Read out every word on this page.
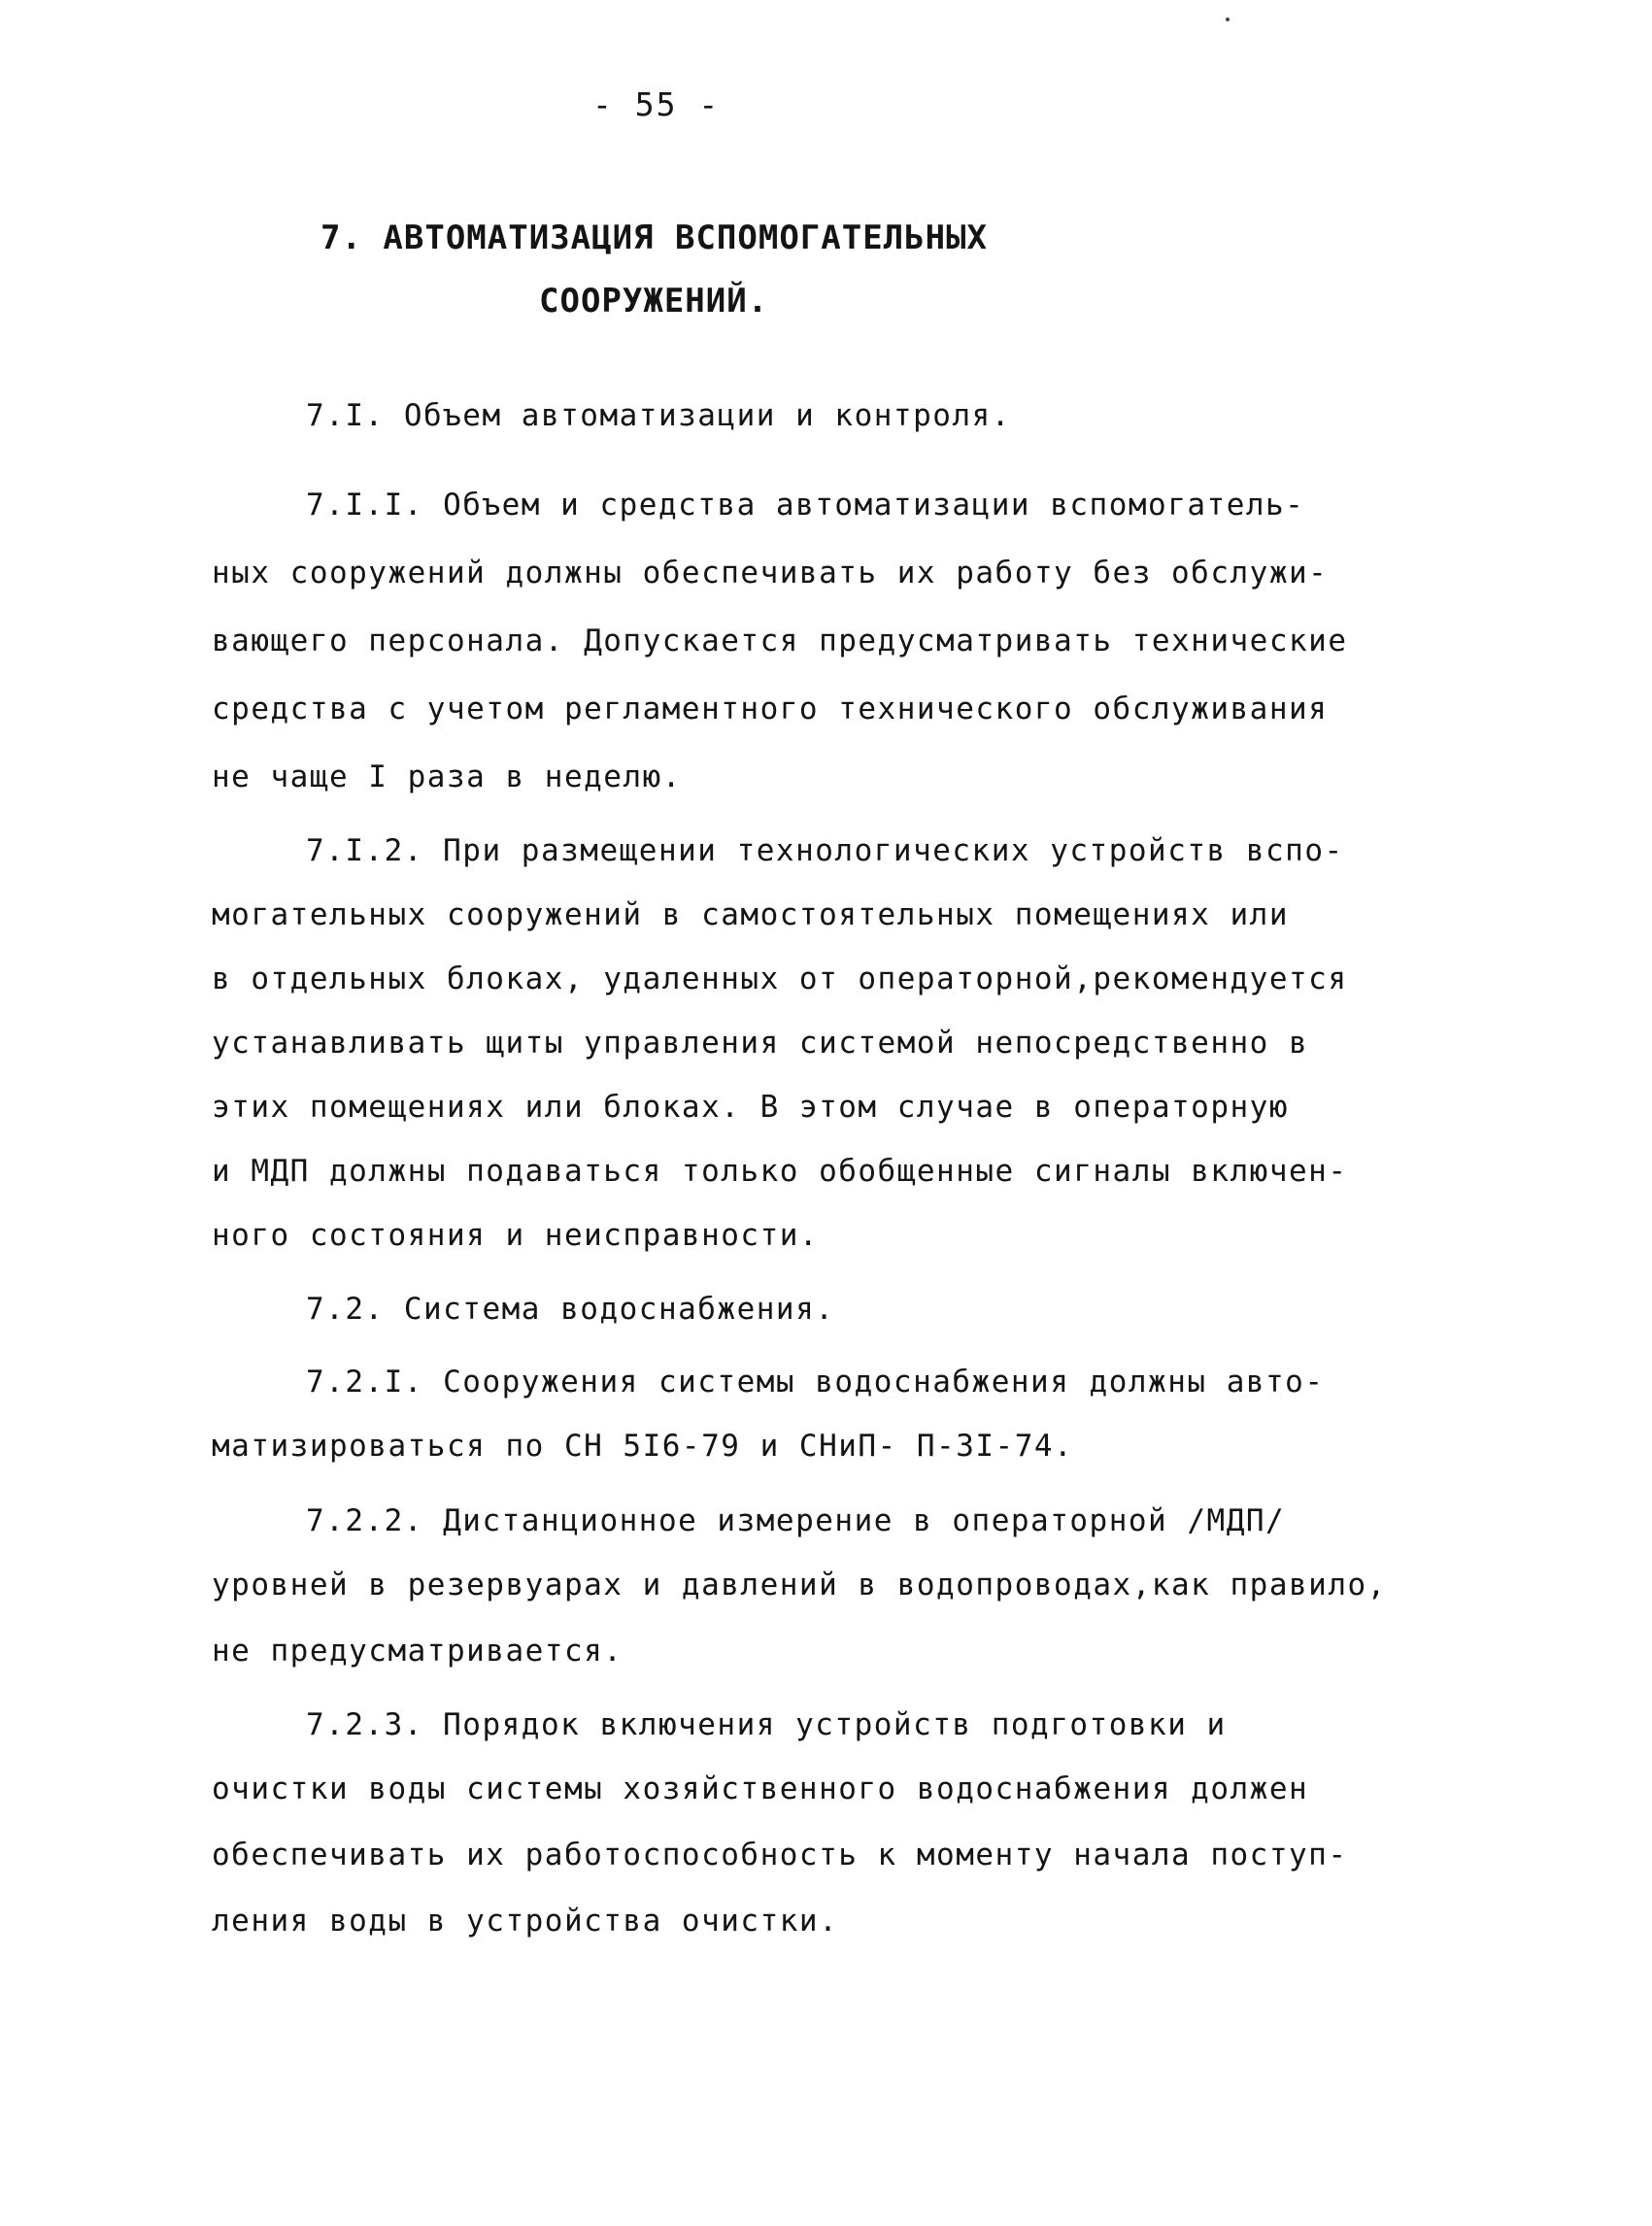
- 55 -
7. АВТОМАТИЗАЦИЯ ВСПОМОГАТЕЛЬНЫХ
СООРУЖЕНИЙ.
7.I. Объем автоматизации и контроля.
7.I.I. Объем и средства автоматизации вспомогатель-
ных сооружений должны обеспечивать их работу без обслужи-
вающего персонала. Допускается предусматривать технические
средства с учетом регламентного технического обслуживания
не чаще I раза в неделю.
7.I.2. При размещении технологических устройств вспо-
могательных сооружений в самостоятельных помещениях или
в отдельных блоках, удаленных от операторной,рекомендуется
устанавливать щиты управления системой непосредственно в
этих помещениях или блоках. В этом случае в операторную
и МДП должны подаваться только обобщенные сигналы включен-
ного состояния и неисправности.
7.2. Система водоснабжения.
7.2.I. Сооружения системы водоснабжения должны авто-
матизироваться по СН 5I6-79 и СНиП- П-3I-74.
7.2.2. Дистанционное измерение в операторной /МДП/
уровней в резервуарах и давлений в водопроводах,как правило,
не предусматривается.
7.2.3. Порядок включения устройств подготовки и
очистки воды системы хозяйственного водоснабжения должен
обеспечивать их работоспособность к моменту начала поступ-
ления воды в устройства очистки.
